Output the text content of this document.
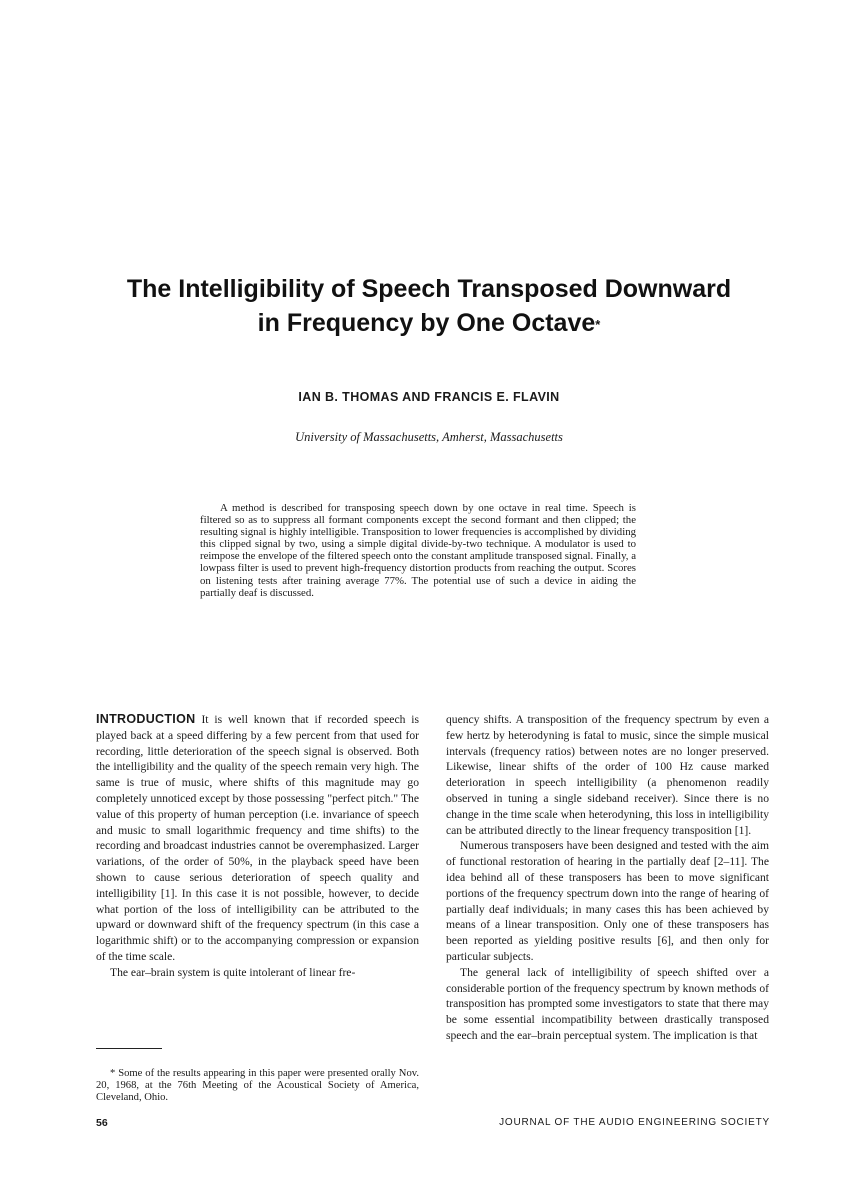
The Intelligibility of Speech Transposed Downward
in Frequency by One Octave*
IAN B. THOMAS AND FRANCIS E. FLAVIN
University of Massachusetts, Amherst, Massachusetts

A method is described for transposing speech down by one octave in real time. Speech is filtered so as to suppress all formant components except the second formant and then clipped; the resulting signal is highly intelligible. Transposition to lower frequencies is accomplished by dividing this clipped signal by two, using a simple digital divide-by-two technique. A modulator is used to reimpose the envelope of the filtered speech onto the constant amplitude transposed signal. Finally, a lowpass filter is used to prevent high-frequency distortion products from reaching the output. Scores on listening tests after training average 77%. The potential use of such a device in aiding the partially deaf is discussed.

INTRODUCTION It is well known that if recorded speech is played back at a speed differing by a few percent from that used for recording, little deterioration of the speech signal is observed. Both the intelligibility and the quality of the speech remain very high. The same is true of music, where shifts of this magnitude may go completely unnoticed except by those possessing "perfect pitch." The value of this property of human perception (i.e. invariance of speech and music to small logarithmic frequency and time shifts) to the recording and broadcast industries cannot be overemphasized. Larger variations, of the order of 50%, in the playback speed have been shown to cause serious deterioration of speech quality and intelligibility [1]. In this case it is not possible, however, to decide what portion of the loss of intelligibility can be attributed to the upward or downward shift of the frequency spectrum (in this case a logarithmic shift) or to the accompanying compression or expansion of the time scale.

The ear–brain system is quite intolerant of linear fre-

quency shifts. A transposition of the frequency spectrum by even a few hertz by heterodyning is fatal to music, since the simple musical intervals (frequency ratios) between notes are no longer preserved. Likewise, linear shifts of the order of 100 Hz cause marked deterioration in speech intelligibility (a phenomenon readily observed in tuning a single sideband receiver). Since there is no change in the time scale when heterodyning, this loss in intelligibility can be attributed directly to the linear frequency transposition [1].

Numerous transposers have been designed and tested with the aim of functional restoration of hearing in the partially deaf [2–11]. The idea behind all of these transposers has been to move significant portions of the frequency spectrum down into the range of hearing of partially deaf individuals; in many cases this has been achieved by means of a linear transposition. Only one of these transposers has been reported as yielding positive results [6], and then only for particular subjects.

The general lack of intelligibility of speech shifted over a considerable portion of the frequency spectrum by known methods of transposition has prompted some investigators to state that there may be some essential incompatibility between drastically transposed speech and the ear–brain perceptual system. The implication is that

* Some of the results appearing in this paper were presented orally Nov. 20, 1968, at the 76th Meeting of the Acoustical Society of America, Cleveland, Ohio.

56	JOURNAL OF THE AUDIO ENGINEERING SOCIETY
